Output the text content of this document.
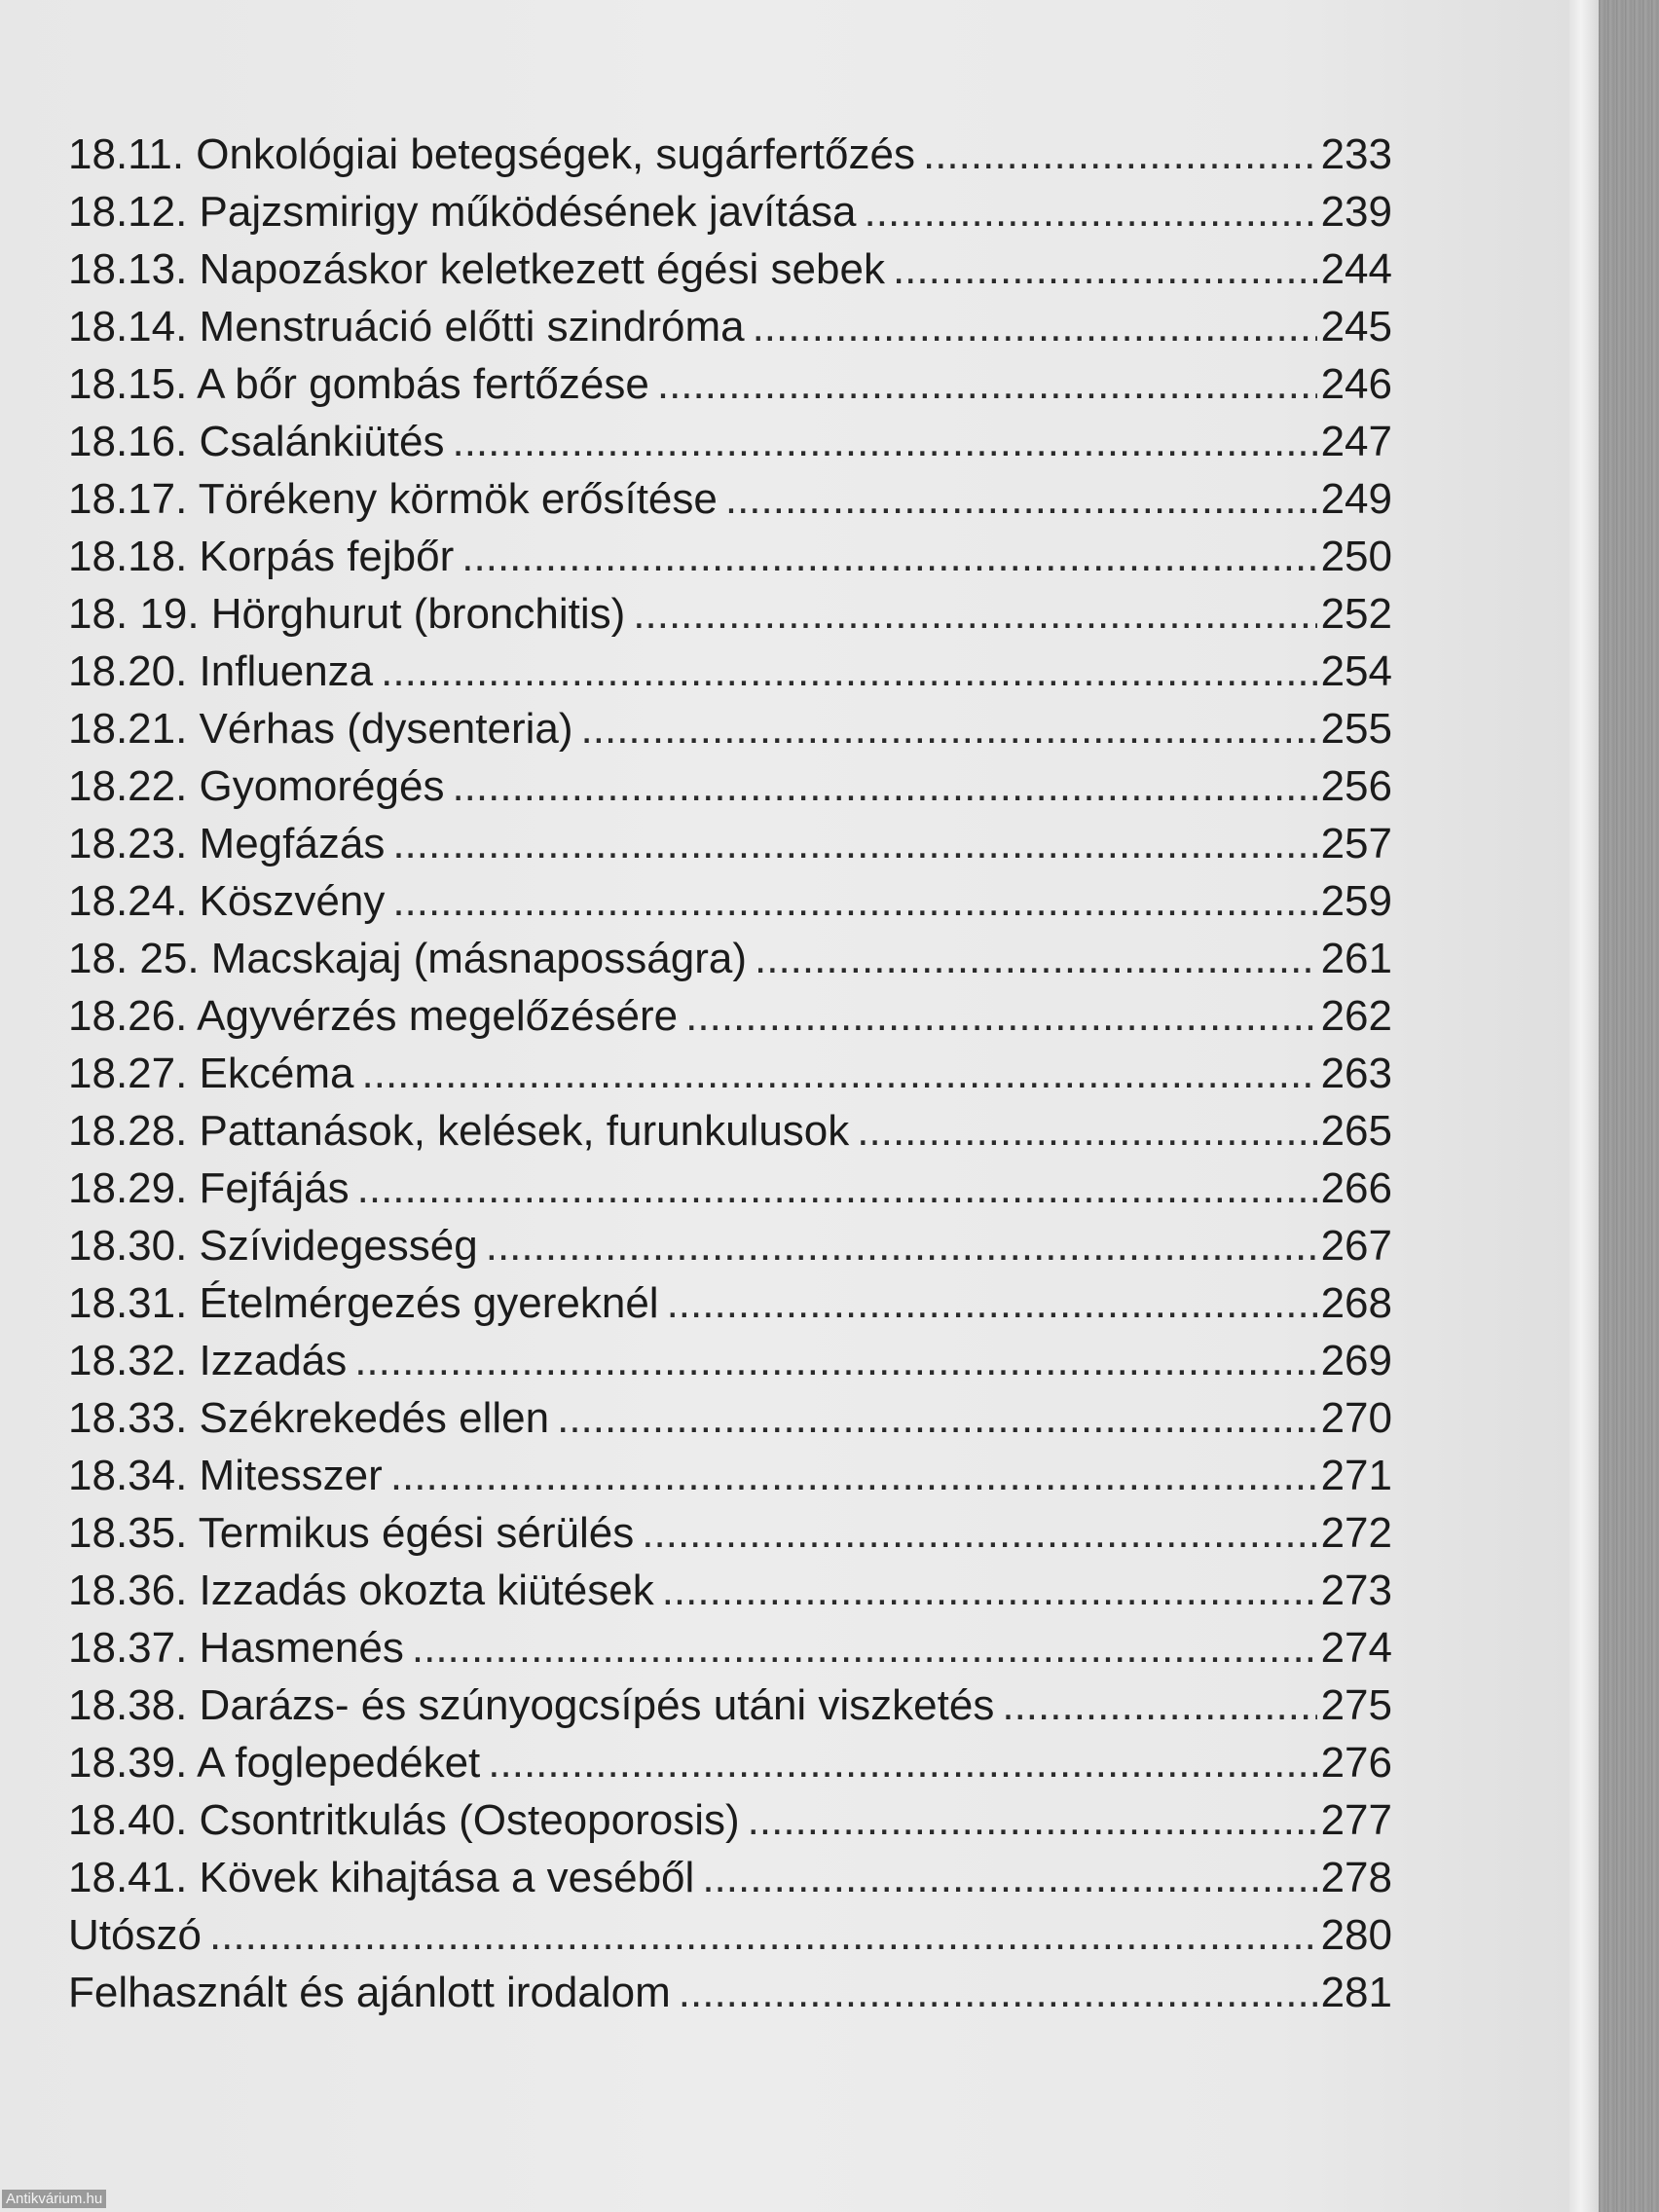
18.11. Onkológiai betegségek, sugárfertőzés .....	233
18.12. Pajzsmirigy működésének javítása .....	239
18.13. Napozáskor keletkezett égési sebek .....	244
18.14. Menstruáció előtti szindróma .....	245
18.15. A bőr gombás fertőzése .....	246
18.16. Csalánkiütés .....	247
18.17. Törékeny körmök erősítése .....	249
18.18. Korpás fejbőr .....	250
18. 19. Hörghurut (bronchitis) .....	252
18.20. Influenza .....	254
18.21. Vérhas (dysenteria) .....	255
18.22. Gyomorégés .....	256
18.23. Megfázás .....	257
18.24. Köszvény .....	259
18. 25. Macskajaj (másnaposságra) .....	261
18.26. Agyvérzés megelőzésére .....	262
18.27. Ekcéma .....	263
18.28. Pattanások, kelések, furunkulusok .....	265
18.29. Fejfájás .....	266
18.30. Szívidegesség .....	267
18.31. Ételmérgezés gyereknél .....	268
18.32. Izzadás .....	269
18.33. Székrekedés ellen .....	270
18.34. Mitesszer .....	271
18.35. Termikus égési sérülés .....	272
18.36. Izzadás okozta kiütések .....	273
18.37. Hasmenés .....	274
18.38. Darázs- és szúnyogcsípés utáni viszketés .....	275
18.39. A foglepedéket .....	276
18.40. Csontritkulás (Osteoporosis) .....	277
18.41. Kövek kihajtása a veséből .....	278
Utószó .....	280
Felhasznált és ajánlott irodalom .....	281
Antikvárium.hu
